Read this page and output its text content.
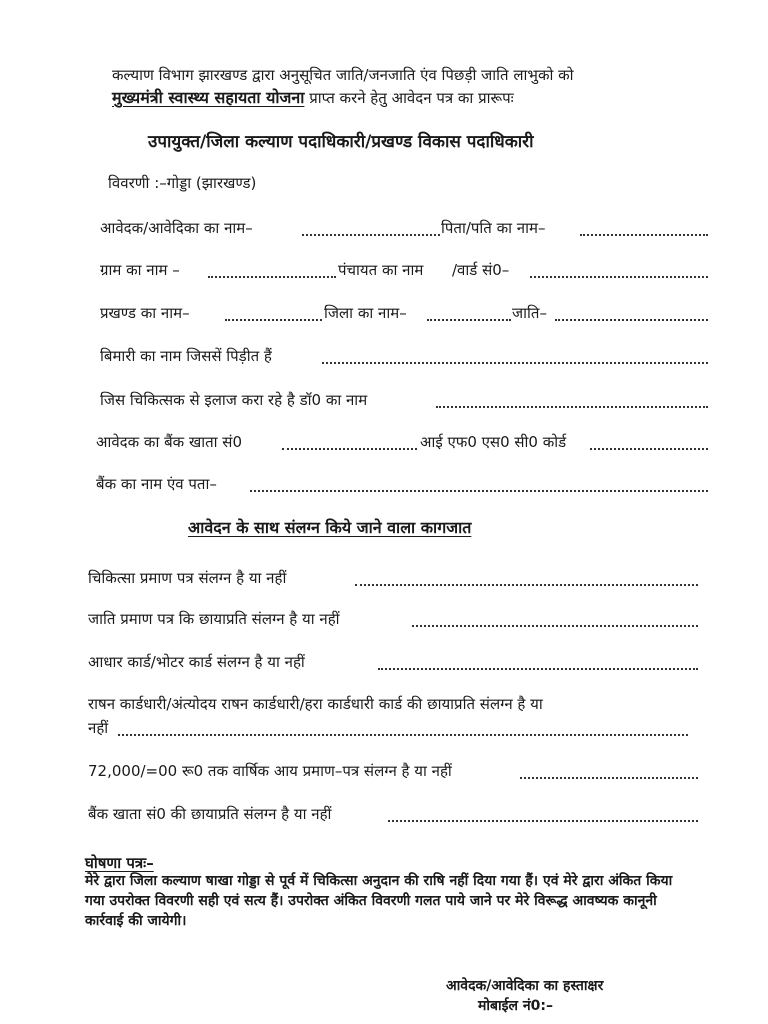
कल्याण विभाग झारखण्ड द्वारा अनुसूचित जाति/जनजाति एंव पिछड़ी जाति लाभुको को
मुख्यमंत्री स्वास्थ्य सहायता योजना प्राप्त करने हेतु आवेदन पत्र का प्रारूपः
उपायुक्त/जिला कल्याण पदाधिकारी/प्रखण्ड विकास पदाधिकारी
विवरणी :–गोड्डा (झारखण्ड)
आवेदक/आवेदिका का नाम–	पिता/पति का नाम–
ग्राम का नाम –	पंचायत का नाम /वार्ड सं0–
प्रखण्ड का नाम–	जिला का नाम–	जाति–
बिमारी का नाम जिससें पिड़ीत हैं
जिस चिकित्सक से इलाज करा रहे है डॉ0 का नाम
आवेदक का बैंक खाता सं0	आई एफ0 एस0 सी0 कोर्ड
बैंक का नाम एंव पता–
आवेदन के साथ संलग्न किये जाने वाला कागजात
चिकित्सा प्रमाण पत्र संलग्न है या नहीं
जाति प्रमाण पत्र कि छायाप्रति संलग्न है या नहीं
आधार कार्ड/भोटर कार्ड संलग्न है या नहीं
राषन कार्डधारी/अंत्योदय राषन कार्डधारी/हरा कार्डधारी कार्ड की छायाप्रति संलग्न है या
नहीं
72,000/=00 रू0 तक वार्षिक आय प्रमाण–पत्र संलग्न है या नहीं
बैंक खाता सं0 की छायाप्रति संलग्न है या नहीं
घोषणा पत्रः–
मेरे द्वारा जिला कल्याण षाखा गोड्डा से पूर्व में चिकित्सा अनुदान की राषि नहीं दिया गया हैं। एवं मेरे द्वारा अंकित किया गया उपरोक्त विवरणी सही एवं सत्य हैं। उपरोक्त अंकित विवरणी गलत पाये जाने पर मेरे विरूद्ध आवष्यक कानूनी कार्रवाई की जायेगी।
आवेदक/आवेदिका का हस्ताक्षर
मोबाईल नं0:–
